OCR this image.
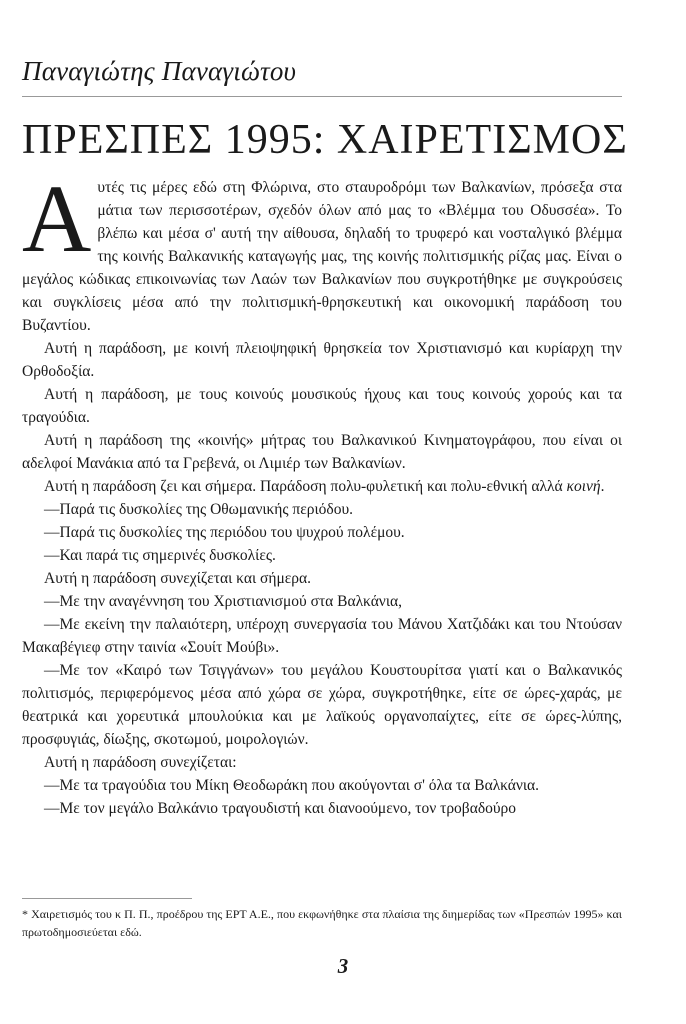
Παναγιώτης Παναγιώτου
ΠΡΕΣΠΕΣ 1995: ΧΑΙΡΕΤΙΣΜΟΣ

Αυτές τις μέρες εδώ στη Φλώρινα, στο σταυροδρόμι των Βαλκανίων, πρόσεξα στα μάτια των περισσοτέρων, σχεδόν όλων από μας το «Βλέμμα του Οδυσσέα». Το βλέπω και μέσα σ' αυτή την αίθουσα, δηλαδή το τρυφερό και νοσταλγικό βλέμμα της κοινής Βαλκανικής καταγωγής μας, της κοινής πολιτισμικής ρίζας μας. Είναι ο μεγάλος κώδικας επικοινωνίας των Λαών των Βαλκανίων που συγκροτήθηκε με συγκρούσεις και συγκλίσεις μέσα από την πολιτισμική-θρησκευτική και οικονομική παράδοση του Βυζαντίου.

Αυτή η παράδοση, με κοινή πλειοψηφική θρησκεία τον Χριστιανισμό και κυρίαρχη την Ορθοδοξία.

Αυτή η παράδοση, με τους κοινούς μουσικούς ήχους και τους κοινούς χορούς και τα τραγούδια.

Αυτή η παράδοση της «κοινής» μήτρας του Βαλκανικού Κινηματογράφου, που είναι οι αδελφοί Μανάκια από τα Γρεβενά, οι Λιμιέρ των Βαλκανίων.

Αυτή η παράδοση ζει και σήμερα. Παράδοση πολυ-φυλετική και πολυ-εθνική αλλά κοινή.

—Παρά τις δυσκολίες της Οθωμανικής περιόδου.

—Παρά τις δυσκολίες της περιόδου του ψυχρού πολέμου.

—Και παρά τις σημερινές δυσκολίες.

Αυτή η παράδοση συνεχίζεται και σήμερα.

—Με την αναγέννηση του Χριστιανισμού στα Βαλκάνια,

—Με εκείνη την παλαιότερη, υπέροχη συνεργασία του Μάνου Χατζιδάκι και του Ντούσαν Μακαβέγιεφ στην ταινία «Σουίτ Μούβι».

—Με τον «Καιρό των Τσιγγάνων» του μεγάλου Κουστουρίτσα γιατί και ο Βαλκανικός πολιτισμός, περιφερόμενος μέσα από χώρα σε χώρα, συγκροτήθηκε, είτε σε ώρες-χαράς, με θεατρικά και χορευτικά μπουλούκια και με λαϊκούς οργανοπαίχτες, είτε σε ώρες-λύπης, προσφυγιάς, δίωξης, σκοτωμού, μοιρολογιών.

Αυτή η παράδοση συνεχίζεται:

—Με τα τραγούδια του Μίκη Θεοδωράκη που ακούγονται σ' όλα τα Βαλκάνια.

—Με τον μεγάλο Βαλκάνιο τραγουδιστή και διανοούμενο, τον τροβαδούρο

* Χαιρετισμός του κ Π. Π., προέδρου της ΕΡΤ Α.Ε., που εκφωνήθηκε στα πλαίσια της διημερίδας των «Πρεσπών 1995» και πρωτοδημοσιεύεται εδώ.
3
